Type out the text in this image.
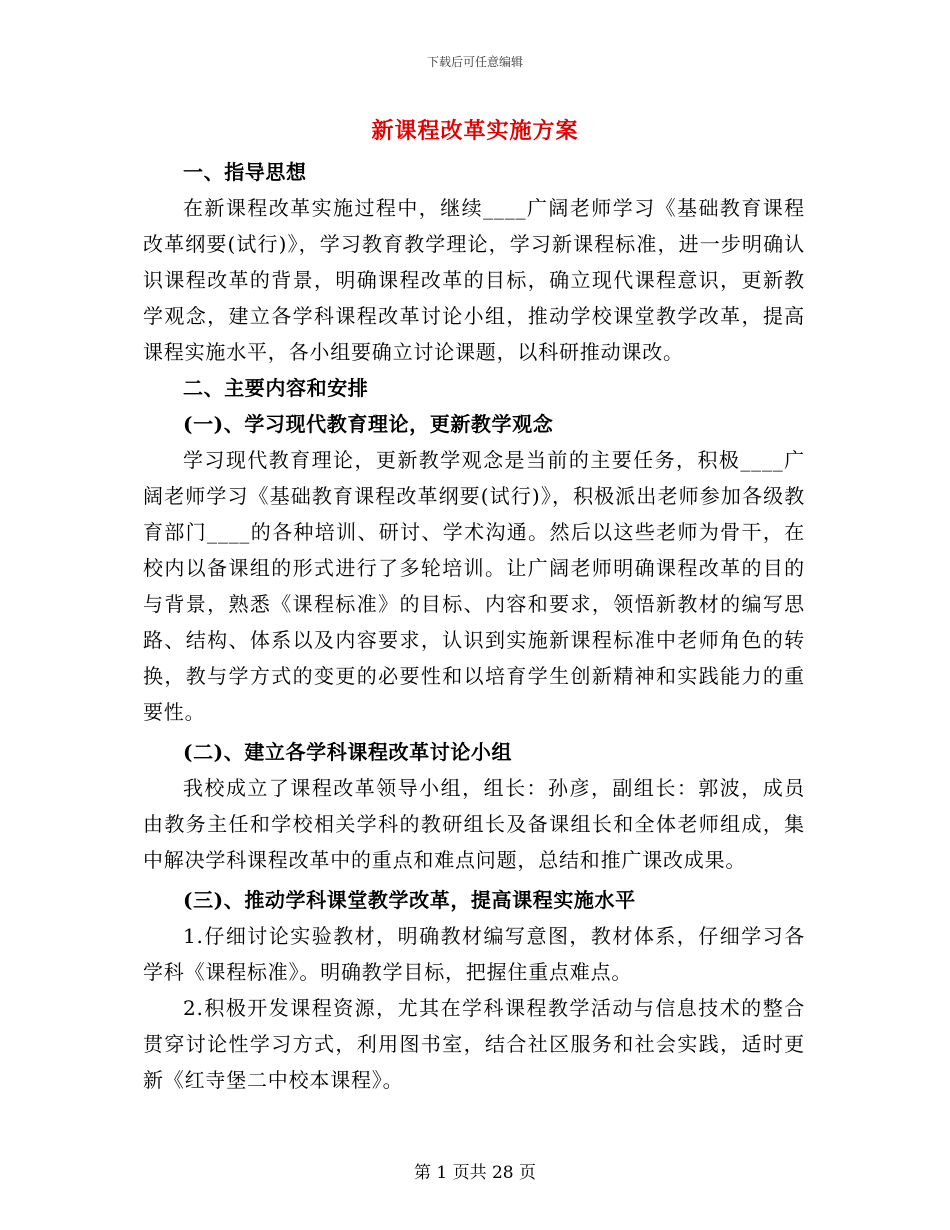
下载后可任意编辑
新课程改革实施方案

一、指导思想

在新课程改革实施过程中，继续____广阔老师学习《基础教育课程改革纲要(试行)》，学习教育教学理论，学习新课程标准，进一步明确认识课程改革的背景，明确课程改革的目标，确立现代课程意识，更新教学观念，建立各学科课程改革讨论小组，推动学校课堂教学改革，提高课程实施水平，各小组要确立讨论课题，以科研推动课改。

二、主要内容和安排

(一)、学习现代教育理论，更新教学观念

学习现代教育理论，更新教学观念是当前的主要任务，积极____广阔老师学习《基础教育课程改革纲要(试行)》，积极派出老师参加各级教育部门____的各种培训、研讨、学术沟通。然后以这些老师为骨干，在校内以备课组的形式进行了多轮培训。让广阔老师明确课程改革的目的与背景，熟悉《课程标准》的目标、内容和要求，领悟新教材的编写思路、结构、体系以及内容要求，认识到实施新课程标准中老师角色的转换，教与学方式的变更的必要性和以培育学生创新精神和实践能力的重要性。

(二)、建立各学科课程改革讨论小组

我校成立了课程改革领导小组，组长：孙彦，副组长：郭波，成员由教务主任和学校相关学科的教研组长及备课组长和全体老师组成，集中解决学科课程改革中的重点和难点问题，总结和推广课改成果。

(三)、推动学科课堂教学改革，提高课程实施水平

1.仔细讨论实验教材，明确教材编写意图，教材体系，仔细学习各学科《课程标准》。明确教学目标，把握住重点难点。

2.积极开发课程资源，尤其在学科课程教学活动与信息技术的整合贯穿讨论性学习方式，利用图书室，结合社区服务和社会实践，适时更新《红寺堡二中校本课程》。

第 1 页共 28 页
